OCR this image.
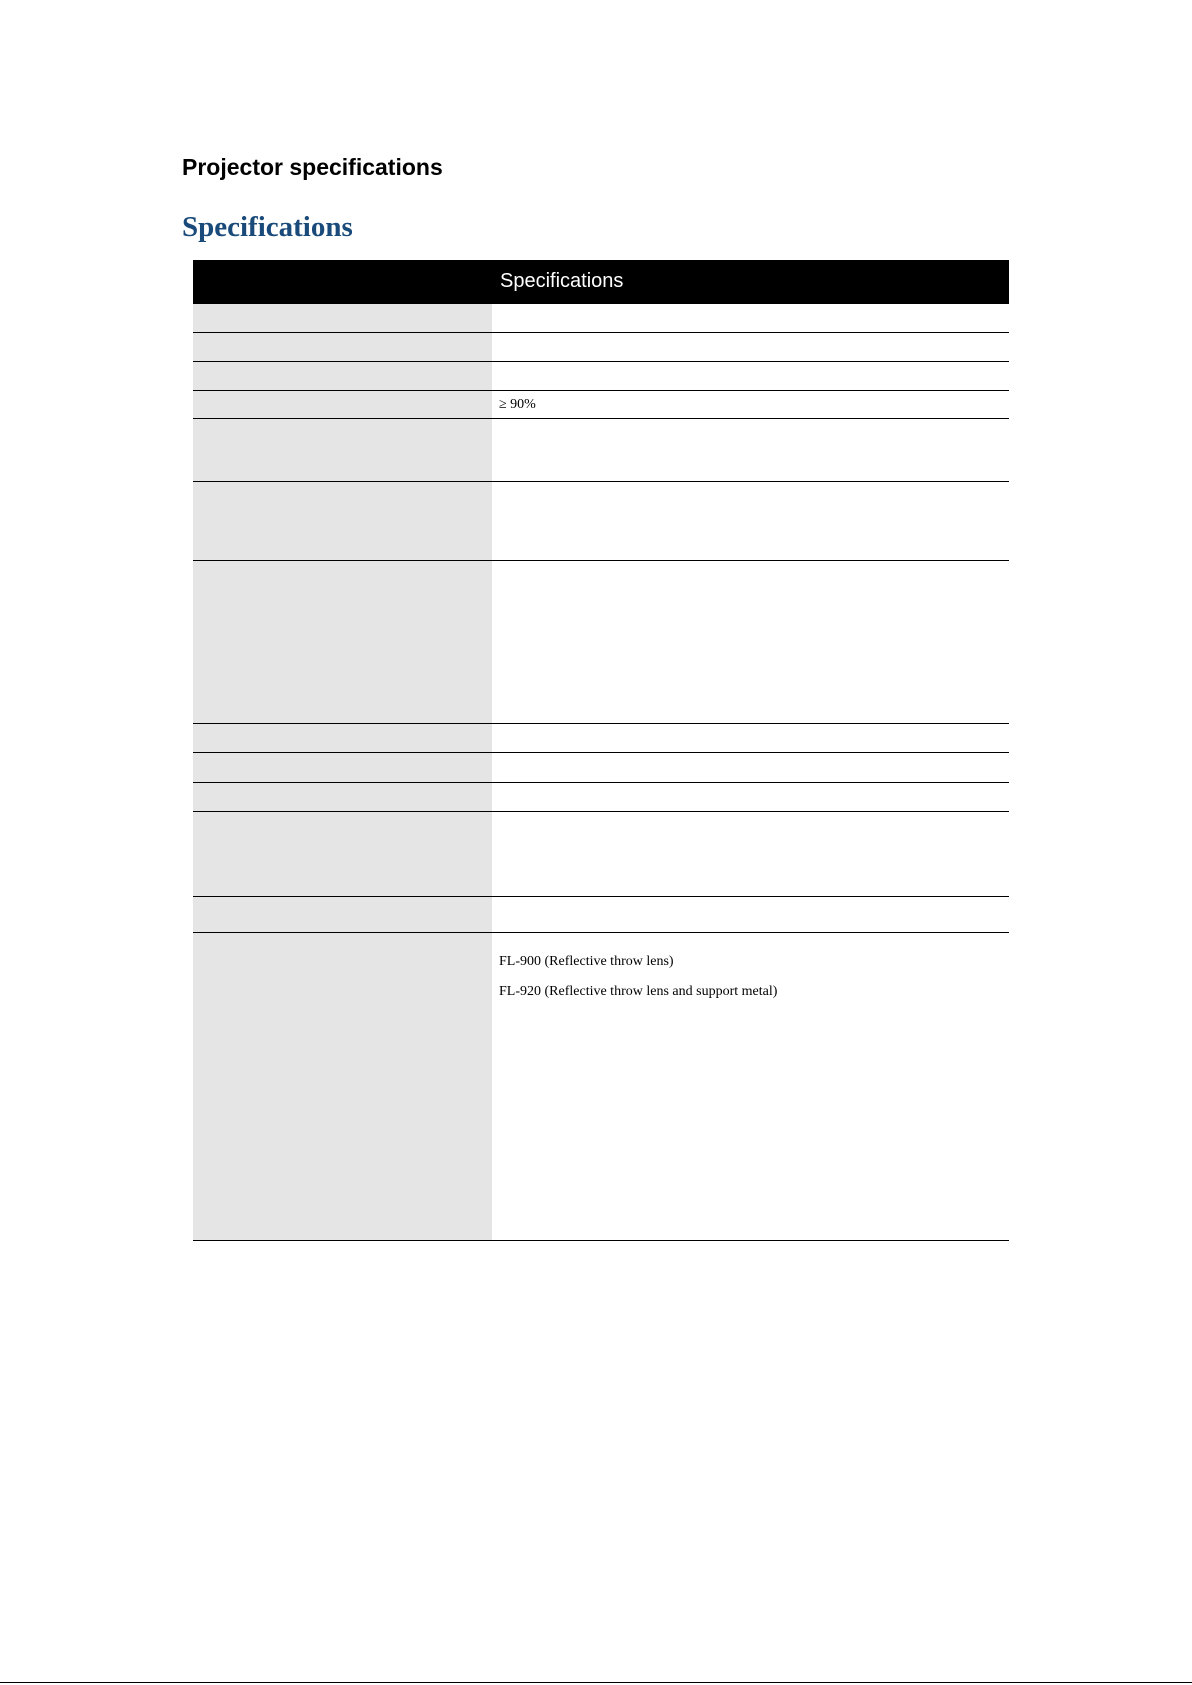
Projector specifications
Specifications
Specifications
≥ 90%

FL-900 (Reflective throw lens)

FL-920 (Reflective throw lens and support metal)
